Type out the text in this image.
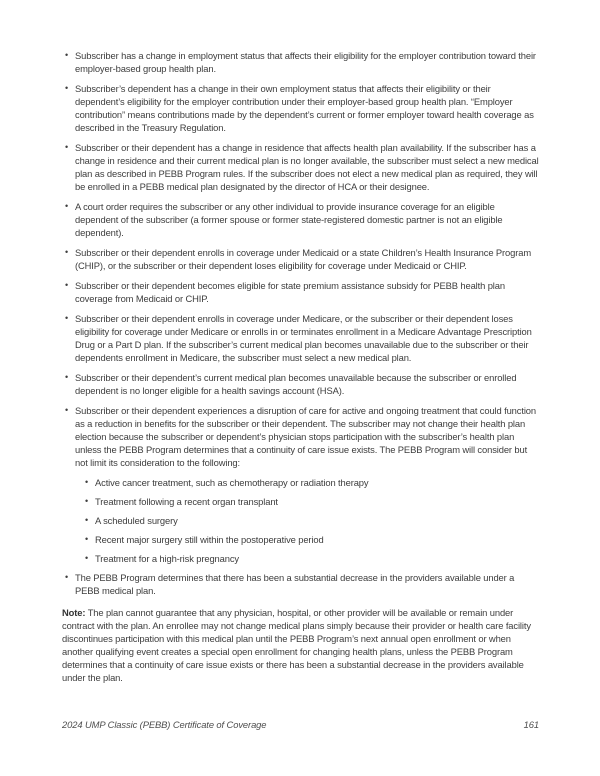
• Subscriber has a change in employment status that affects their eligibility for the employer contribution toward their employer-based group health plan.
• Subscriber’s dependent has a change in their own employment status that affects their eligibility or their dependent’s eligibility for the employer contribution under their employer-based group health plan. “Employer contribution” means contributions made by the dependent’s current or former employer toward health coverage as described in the Treasury Regulation.
• Subscriber or their dependent has a change in residence that affects health plan availability. If the subscriber has a change in residence and their current medical plan is no longer available, the subscriber must select a new medical plan as described in PEBB Program rules. If the subscriber does not elect a new medical plan as required, they will be enrolled in a PEBB medical plan designated by the director of HCA or their designee.
• A court order requires the subscriber or any other individual to provide insurance coverage for an eligible dependent of the subscriber (a former spouse or former state-registered domestic partner is not an eligible dependent).
• Subscriber or their dependent enrolls in coverage under Medicaid or a state Children’s Health Insurance Program (CHIP), or the subscriber or their dependent loses eligibility for coverage under Medicaid or CHIP.
• Subscriber or their dependent becomes eligible for state premium assistance subsidy for PEBB health plan coverage from Medicaid or CHIP.
• Subscriber or their dependent enrolls in coverage under Medicare, or the subscriber or their dependent loses eligibility for coverage under Medicare or enrolls in or terminates enrollment in a Medicare Advantage Prescription Drug or a Part D plan. If the subscriber’s current medical plan becomes unavailable due to the subscriber or their dependents enrollment in Medicare, the subscriber must select a new medical plan.
• Subscriber or their dependent’s current medical plan becomes unavailable because the subscriber or enrolled dependent is no longer eligible for a health savings account (HSA).
• Subscriber or their dependent experiences a disruption of care for active and ongoing treatment that could function as a reduction in benefits for the subscriber or their dependent. The subscriber may not change their health plan election because the subscriber or dependent’s physician stops participation with the subscriber’s health plan unless the PEBB Program determines that a continuity of care issue exists. The PEBB Program will consider but not limit its consideration to the following:
• Active cancer treatment, such as chemotherapy or radiation therapy
• Treatment following a recent organ transplant
• A scheduled surgery
• Recent major surgery still within the postoperative period
• Treatment for a high-risk pregnancy
• The PEBB Program determines that there has been a substantial decrease in the providers available under a PEBB medical plan.

Note: The plan cannot guarantee that any physician, hospital, or other provider will be available or remain under contract with the plan. An enrollee may not change medical plans simply because their provider or health care facility discontinues participation with this medical plan until the PEBB Program’s next annual open enrollment or when another qualifying event creates a special open enrollment for changing health plans, unless the PEBB Program determines that a continuity of care issue exists or there has been a substantial decrease in the providers available under the plan.

2024 UMP Classic (PEBB) Certificate of Coverage	161
